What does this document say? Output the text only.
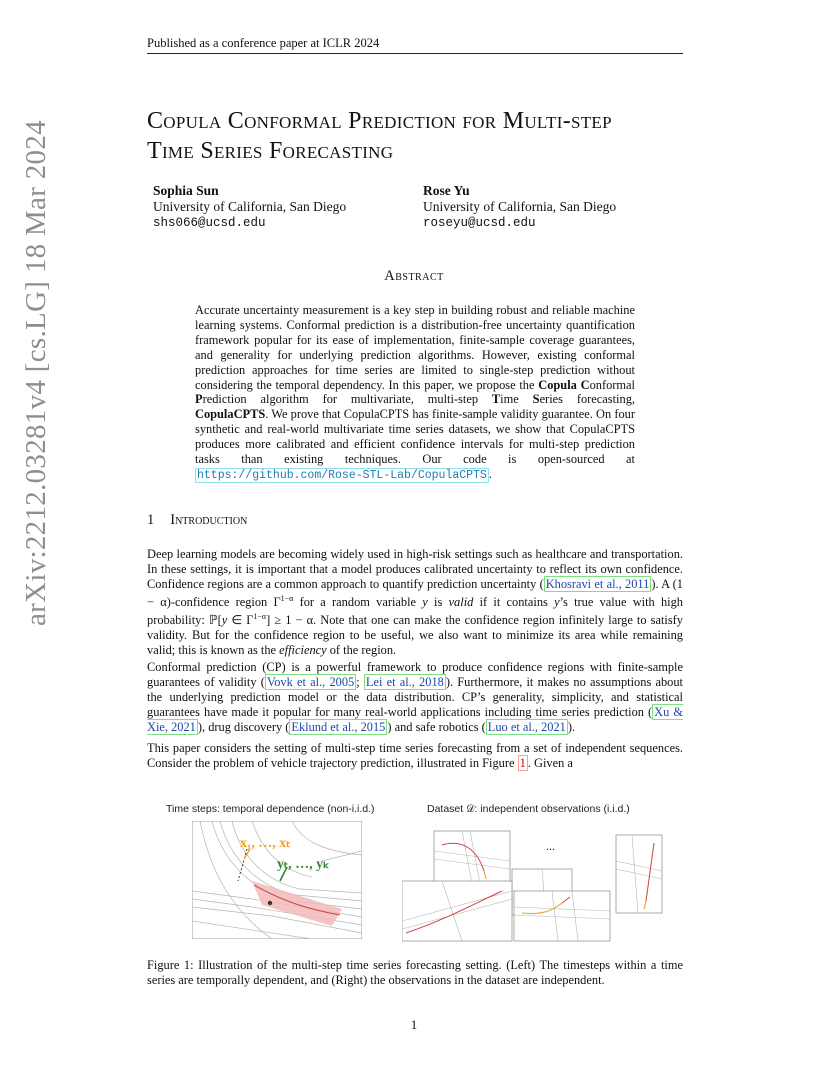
Published as a conference paper at ICLR 2024
arXiv:2212.03281v4 [cs.LG] 18 Mar 2024	Copula Conformal Prediction for Multi-step
Time Series Forecasting
Sophia Sun
University of California, San Diego
shs066@ucsd.edu
Rose Yu
University of California, San Diego
roseyu@ucsd.edu
Abstract
Accurate uncertainty measurement is a key step in building robust and reliable machine learning systems. Conformal prediction is a distribution-free uncertainty quantification framework popular for its ease of implementation, finite-sample coverage guarantees, and generality for underlying prediction algorithms. However, existing conformal prediction approaches for time series are limited to single-step prediction without considering the temporal dependency. In this paper, we propose the Copula Conformal Prediction algorithm for multivariate, multi-step Time Series forecasting, CopulaCPTS. We prove that CopulaCPTS has finite-sample validity guarantee. On four synthetic and real-world multivariate time series datasets, we show that CopulaCPTS produces more calibrated and efficient confidence intervals for multi-step prediction tasks than existing techniques. Our code is open-sourced at https://github.com/Rose-STL-Lab/CopulaCPTS .
1 Introduction
Deep learning models are becoming widely used in high-risk settings such as healthcare and transportation. In these settings, it is important that a model produces calibrated uncertainty to reflect its own confidence. Confidence regions are a common approach to quantify prediction uncertainty ( Khosravi et al., 2011 ). A (1 − α)-confidence region $\Gamma^{1-\alpha}$ for a random variable y is valid if it contains y’s true value with high probability: ℙ[y ∈ $\Gamma^{1-\alpha}] \ge 1 - \alpha$. Note that one can make the confidence region infinitely large to satisfy validity. But for the confidence region to be useful, we also want to minimize its area while remaining valid; this is known as the efficiency of the region.
Conformal prediction (CP) is a powerful framework to produce confidence regions with finite-sample guarantees of validity ( Vovk et al., 2005 ; Lei et al., 2018 ). Furthermore, it makes no assumptions about the underlying prediction model or the data distribution. CP’s generality, simplicity, and statistical guarantees have made it popular for many real-world applications including time series prediction ( Xu & Xie, 2021 ), drug discovery ( Eklund et al., 2015 ) and safe robotics ( Luo et al., 2021 ).
This paper considers the setting of multi-step time series forecasting from a set of independent sequences. Consider the problem of vehicle trajectory prediction, illustrated in Figure 1 . Given a
Time steps: temporal dependence (non-i.i.d.)	Dataset 𝒟: independent observations (i.i.d.)
x₁, …, xₜ
yₜ, …, yₖ
...
Figure 1: Illustration of the multi-step time series forecasting setting. (Left) The timesteps within a time series are temporally dependent, and (Right) the observations in the dataset are independent.
1
